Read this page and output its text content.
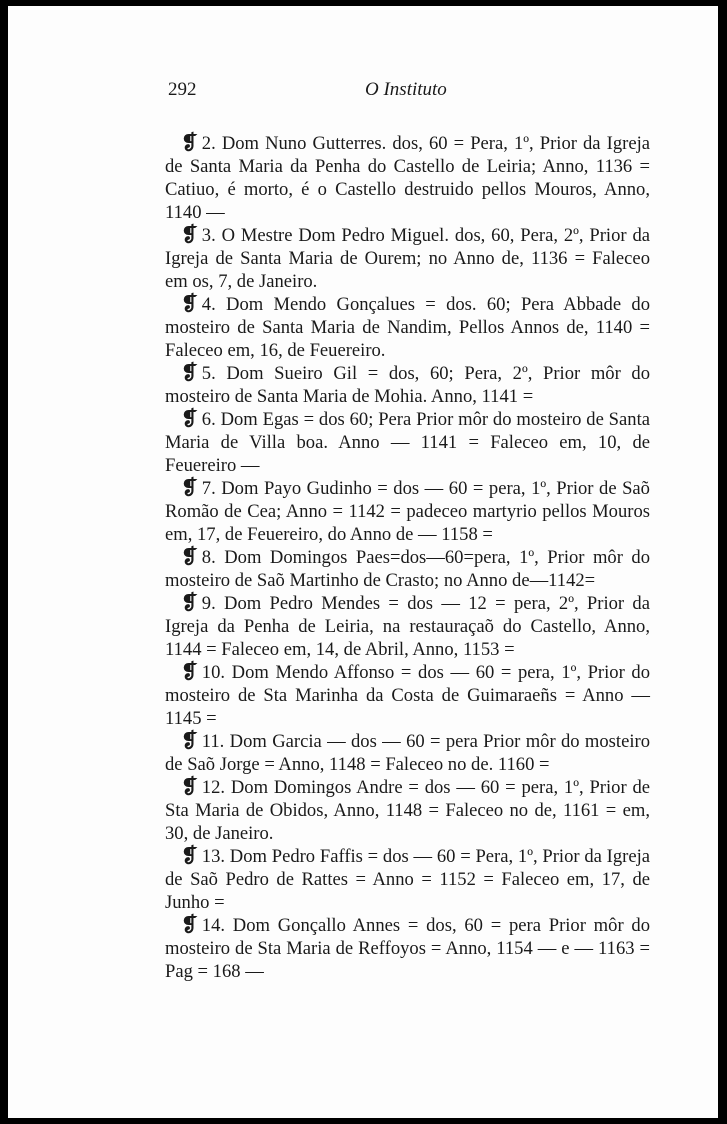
292	O Instituto

❡ 2. Dom Nuno Gutterres. dos, 60 = Pera, 1º, Prior da Igreja de Santa Maria da Penha do Castello de Leiria; Anno, 1136 = Catiuo, é morto, é o Castello destruido pellos Mouros, Anno, 1140 —

❡ 3. O Mestre Dom Pedro Miguel. dos, 60, Pera, 2º, Prior da Igreja de Santa Maria de Ourem; no Anno de, 1136 = Faleceo em os, 7, de Janeiro.

❡ 4. Dom Mendo Gonçalues = dos. 60; Pera Abbade do mosteiro de Santa Maria de Nandim, Pellos Annos de, 1140 = Faleceo em, 16, de Feuereiro.

❡ 5. Dom Sueiro Gil = dos, 60; Pera, 2º, Prior môr do mosteiro de Santa Maria de Mohia. Anno, 1141 =

❡ 6. Dom Egas = dos 60; Pera Prior môr do mosteiro de Santa Maria de Villa boa. Anno — 1141 = Faleceo em, 10, de Feuereiro —

❡ 7. Dom Payo Gudinho = dos — 60 = pera, 1º, Prior de Saõ Romão de Cea; Anno = 1142 = padeceo martyrio pellos Mouros em, 17, de Feuereiro, do Anno de — 1158 =

❡ 8. Dom Domingos Paes=dos—60=pera, 1º, Prior môr do mosteiro de Saõ Martinho de Crasto; no Anno de—1142=

❡ 9. Dom Pedro Mendes = dos — 12 = pera, 2º, Prior da Igreja da Penha de Leiria, na restauraçaõ do Castello, Anno, 1144 = Faleceo em, 14, de Abril, Anno, 1153 =

❡ 10. Dom Mendo Affonso = dos — 60 = pera, 1º, Prior do mosteiro de Sta Marinha da Costa de Guimaraeñs = Anno — 1145 =

❡ 11. Dom Garcia — dos — 60 = pera Prior môr do mosteiro de Saõ Jorge = Anno, 1148 = Faleceo no de. 1160 =

❡ 12. Dom Domingos Andre = dos — 60 = pera, 1º, Prior de Sta Maria de Obidos, Anno, 1148 = Faleceo no de, 1161 = em, 30, de Janeiro.

❡ 13. Dom Pedro Faffis = dos — 60 = Pera, 1º, Prior da Igreja de Saõ Pedro de Rattes = Anno = 1152 = Faleceo em, 17, de Junho =

❡ 14. Dom Gonçallo Annes = dos, 60 = pera Prior môr do mosteiro de Sta Maria de Reffoyos = Anno, 1154 — e — 1163 = Pag = 168 —
